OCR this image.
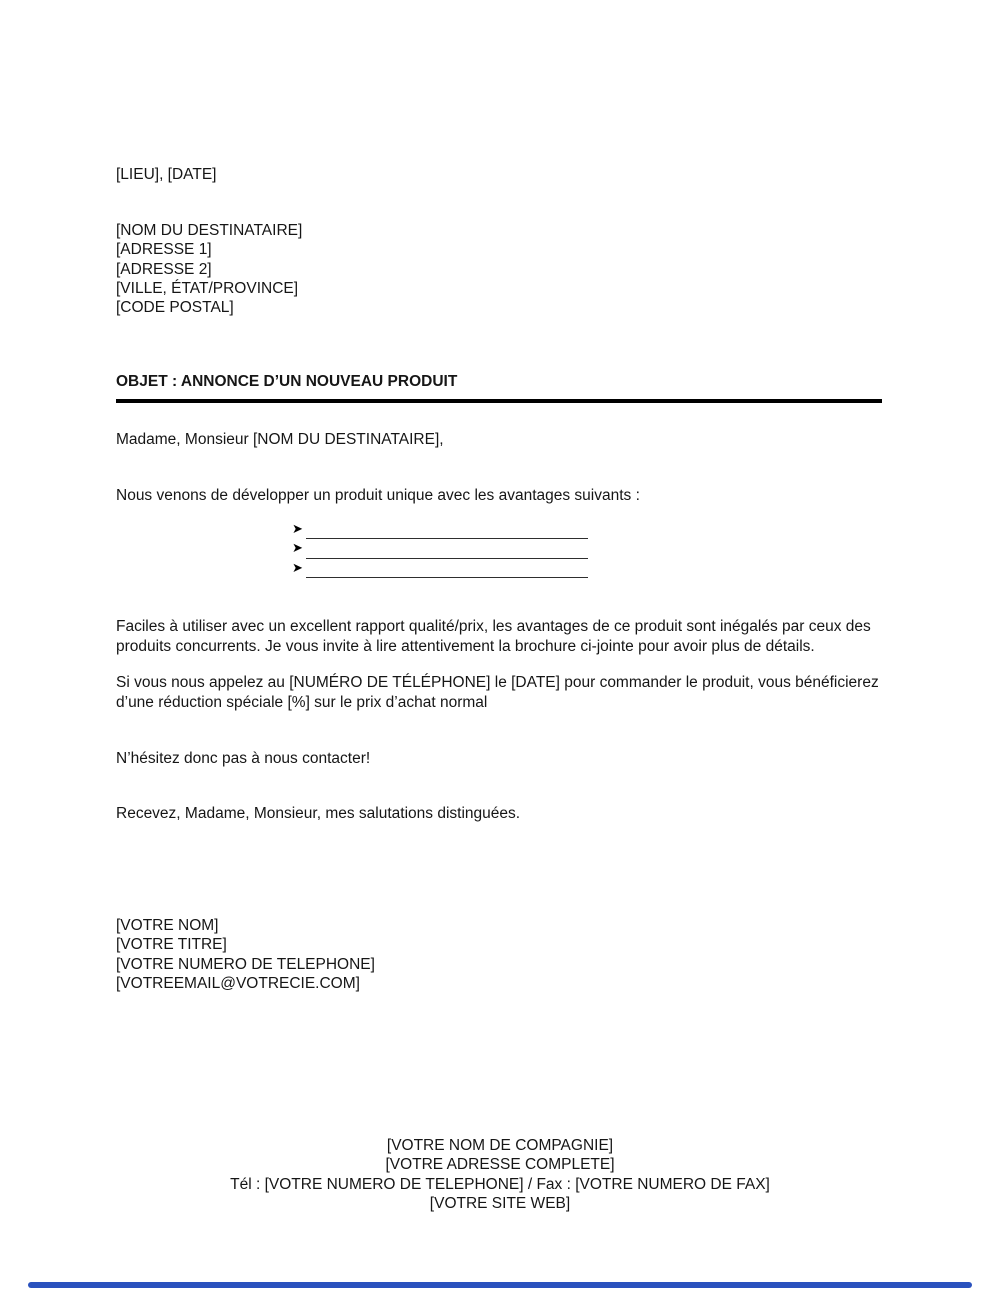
[LIEU], [DATE]
[NOM DU DESTINATAIRE]
[ADRESSE 1]
[ADRESSE 2]
[VILLE, ÉTAT/PROVINCE]
[CODE POSTAL]
OBJET : ANNONCE D’UN NOUVEAU PRODUIT
Madame, Monsieur [NOM DU DESTINATAIRE],
Nous venons de développer un produit unique avec les avantages suivants :
➤
➤
➤
Faciles à utiliser avec un excellent rapport qualité/prix, les avantages de ce produit sont inégalés par ceux des produits concurrents. Je vous invite à lire attentivement la brochure ci-jointe pour avoir plus de détails.
Si vous nous appelez au [NUMÉRO DE TÉLÉPHONE] le [DATE] pour commander le produit, vous bénéficierez d’une réduction spéciale [%] sur le prix d’achat normal
N’hésitez donc pas à nous contacter!
Recevez, Madame, Monsieur, mes salutations distinguées.
[VOTRE NOM]
[VOTRE TITRE]
[VOTRE NUMERO DE TELEPHONE]
[VOTREEMAIL@VOTRECIE.COM]
[VOTRE NOM DE COMPAGNIE]
[VOTRE ADRESSE COMPLETE]
Tél : [VOTRE NUMERO DE TELEPHONE] / Fax : [VOTRE NUMERO DE FAX]
[VOTRE SITE WEB]
